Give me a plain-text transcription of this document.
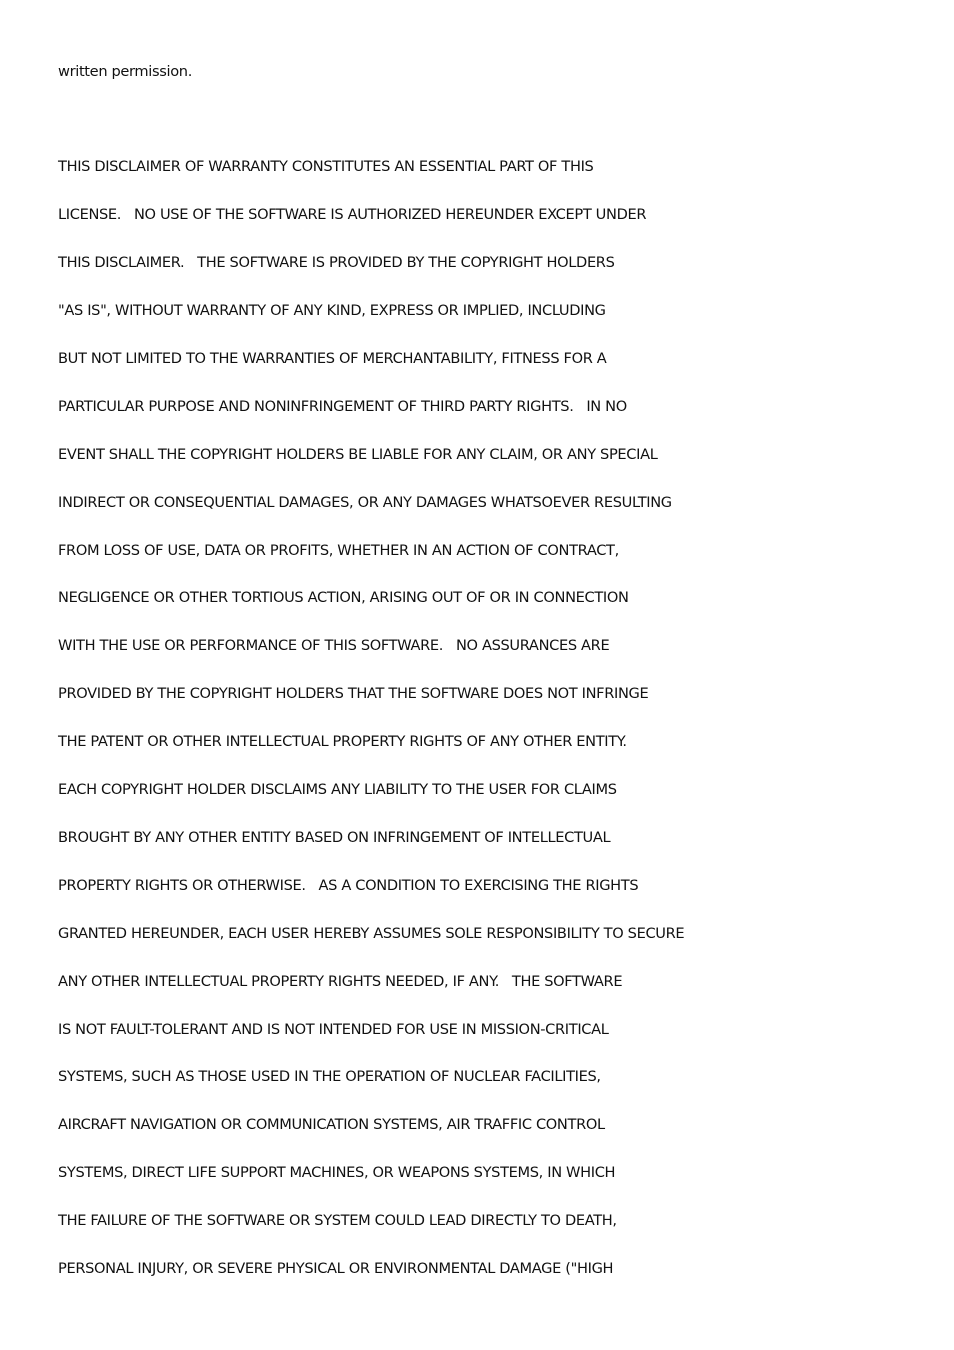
written permission.
THIS DISCLAIMER OF WARRANTY CONSTITUTES AN ESSENTIAL PART OF THIS
LICENSE.   NO USE OF THE SOFTWARE IS AUTHORIZED HEREUNDER EXCEPT UNDER
THIS DISCLAIMER.   THE SOFTWARE IS PROVIDED BY THE COPYRIGHT HOLDERS
"AS IS", WITHOUT WARRANTY OF ANY KIND, EXPRESS OR IMPLIED, INCLUDING
BUT NOT LIMITED TO THE WARRANTIES OF MERCHANTABILITY, FITNESS FOR A
PARTICULAR PURPOSE AND NONINFRINGEMENT OF THIRD PARTY RIGHTS.   IN NO
EVENT SHALL THE COPYRIGHT HOLDERS BE LIABLE FOR ANY CLAIM, OR ANY SPECIAL
INDIRECT OR CONSEQUENTIAL DAMAGES, OR ANY DAMAGES WHATSOEVER RESULTING
FROM LOSS OF USE, DATA OR PROFITS, WHETHER IN AN ACTION OF CONTRACT,
NEGLIGENCE OR OTHER TORTIOUS ACTION, ARISING OUT OF OR IN CONNECTION
WITH THE USE OR PERFORMANCE OF THIS SOFTWARE.   NO ASSURANCES ARE
PROVIDED BY THE COPYRIGHT HOLDERS THAT THE SOFTWARE DOES NOT INFRINGE
THE PATENT OR OTHER INTELLECTUAL PROPERTY RIGHTS OF ANY OTHER ENTITY.
EACH COPYRIGHT HOLDER DISCLAIMS ANY LIABILITY TO THE USER FOR CLAIMS
BROUGHT BY ANY OTHER ENTITY BASED ON INFRINGEMENT OF INTELLECTUAL
PROPERTY RIGHTS OR OTHERWISE.   AS A CONDITION TO EXERCISING THE RIGHTS
GRANTED HEREUNDER, EACH USER HEREBY ASSUMES SOLE RESPONSIBILITY TO SECURE
ANY OTHER INTELLECTUAL PROPERTY RIGHTS NEEDED, IF ANY.   THE SOFTWARE
IS NOT FAULT-TOLERANT AND IS NOT INTENDED FOR USE IN MISSION-CRITICAL
SYSTEMS, SUCH AS THOSE USED IN THE OPERATION OF NUCLEAR FACILITIES,
AIRCRAFT NAVIGATION OR COMMUNICATION SYSTEMS, AIR TRAFFIC CONTROL
SYSTEMS, DIRECT LIFE SUPPORT MACHINES, OR WEAPONS SYSTEMS, IN WHICH
THE FAILURE OF THE SOFTWARE OR SYSTEM COULD LEAD DIRECTLY TO DEATH,
PERSONAL INJURY, OR SEVERE PHYSICAL OR ENVIRONMENTAL DAMAGE ("HIGH
